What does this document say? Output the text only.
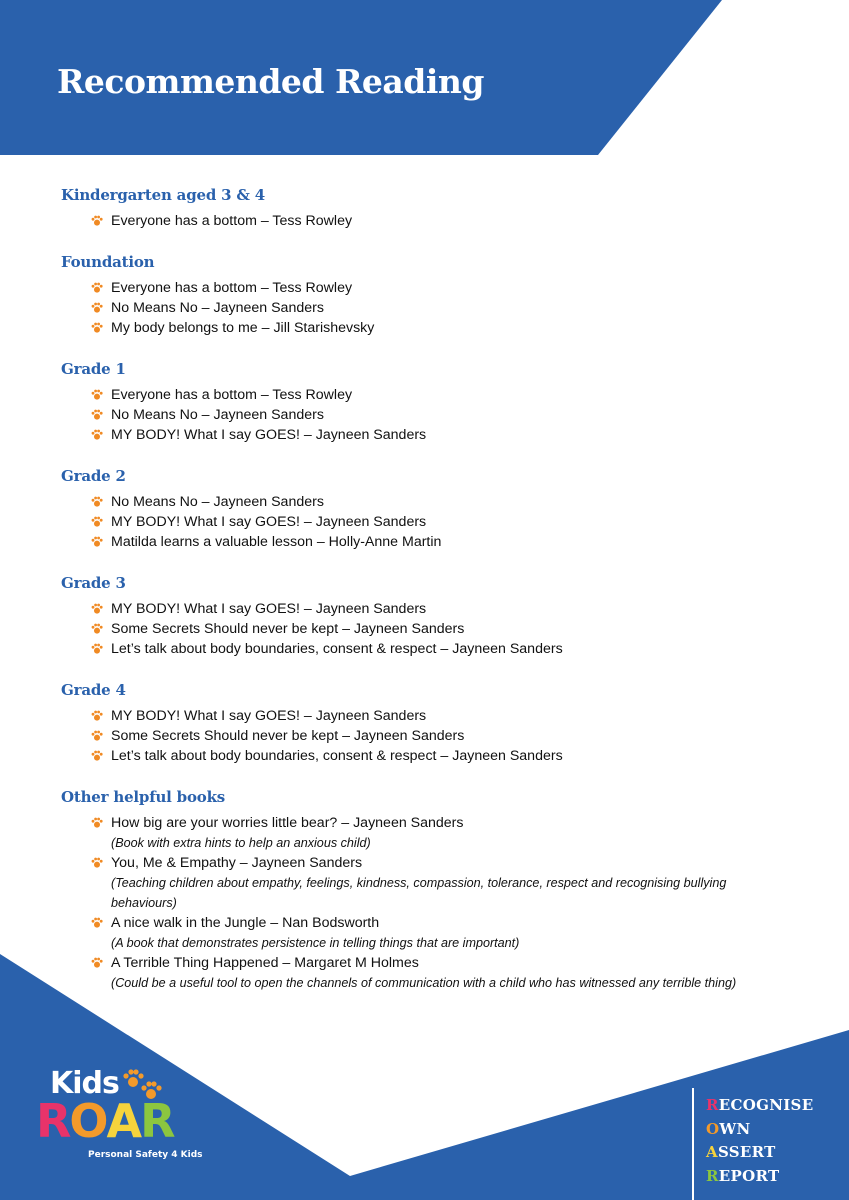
Recommended Reading
Kindergarten aged 3 & 4
Everyone has a bottom – Tess Rowley
Foundation
Everyone has a bottom – Tess Rowley
No Means No – Jayneen Sanders
My body belongs to me – Jill Starishevsky
Grade 1
Everyone has a bottom – Tess Rowley
No Means No – Jayneen Sanders
MY BODY! What I say GOES! – Jayneen Sanders
Grade 2
No Means No – Jayneen Sanders
MY BODY! What I say GOES! – Jayneen Sanders
Matilda learns a valuable lesson – Holly-Anne Martin
Grade 3
MY BODY! What I say GOES! – Jayneen Sanders
Some Secrets Should never be kept – Jayneen Sanders
Let’s talk about body boundaries, consent & respect – Jayneen Sanders
Grade 4
MY BODY! What I say GOES! – Jayneen Sanders
Some Secrets Should never be kept – Jayneen Sanders
Let’s talk about body boundaries, consent & respect – Jayneen Sanders
Other helpful books
How big are your worries little bear? – Jayneen Sanders
(Book with extra hints to help an anxious child)
You, Me & Empathy – Jayneen Sanders
(Teaching children about empathy, feelings, kindness, compassion, tolerance, respect and recognising bullying behaviours)
A nice walk in the Jungle – Nan Bodsworth
(A book that demonstrates persistence in telling things that are important)
A Terrible Thing Happened – Margaret M Holmes
(Could be a useful tool to open the channels of communication with a child who has witnessed any terrible thing)
Kids
ROAR
Personal Safety 4 Kids
RECOGNISE
OWN
ASSERT
REPORT
